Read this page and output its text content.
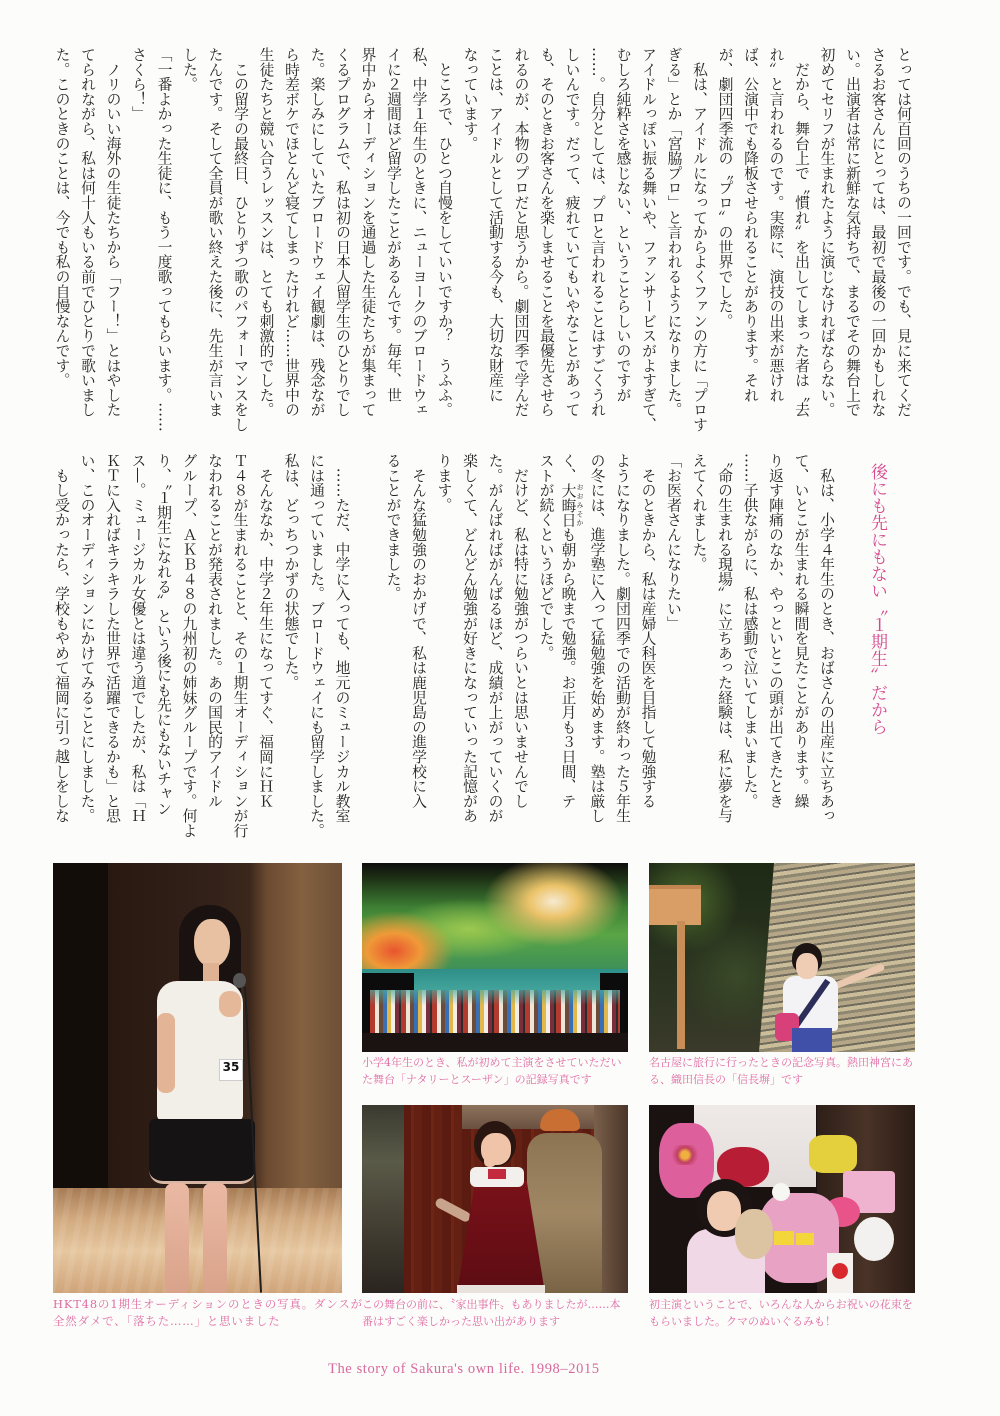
とっては何百回のうちの一回です。でも、見に来てくだ
さるお客さんにとっては、最初で最後の一回かもしれな
い。出演者は常に新鮮な気持ちで、まるでその舞台上で
初めてセリフが生まれたように演じなければならない。
　だから、舞台上で〝慣れ〟を出してしまった者は〝去
れ〟と言われるのです。実際に、演技の出来が悪けれ
ば、公演中でも降板させられることがあります。それ
が、劇団四季流の〝プロ〟の世界でした。
　私は、アイドルになってからよくファンの方に「プロす
ぎる」とか「宮脇プロ」と言われるようになりました。
アイドルっぽい振る舞いや、ファンサービスがよすぎて、
むしろ純粋さを感じない、ということらしいのですが
……。自分としては、プロと言われることはすごくうれ
しいんです。だって、疲れていてもいやなことがあって
も、そのときお客さんを楽しませることを最優先させら
れるのが、本物のプロだと思うから。劇団四季で学んだ
ことは、アイドルとして活動する今も、大切な財産に
なっています。
　ところで、ひとつ自慢をしていいですか？　うふふ。
私、中学１年生のときに、ニューヨークのブロードウェ
イに２週間ほど留学したことがあるんです。毎年、世
界中からオーディションを通過した生徒たちが集まって
くるプログラムで、私は初の日本人留学生のひとりでし
た。楽しみにしていたブロードウェイ観劇は、残念なが
ら時差ボケでほとんど寝てしまったけれど……世界中の
生徒たちと競い合うレッスンは、とても刺激的でした。
　この留学の最終日、ひとりずつ歌のパフォーマンスをし
たんです。そして全員が歌い終えた後に、先生が言いま
した。
「一番よかった生徒に、もう一度歌ってもらいます。……
さくら！」
　ノリのいい海外の生徒たちから「フー！」とはやした
てられながら、私は何十人もいる前でひとりで歌いまし
た。このときのことは、今でも私の自慢なんです。
後にも先にもない〝１期生〟だから
　私は、小学４年生のとき、おばさんの出産に立ちあっ
て、いとこが生まれる瞬間を見たことがあります。繰
り返す陣痛のなか、やっといとこの頭が出てきたとき
……子供ながらに、私は感動で泣いてしまいました。
〝命の生まれる現場〟に立ちあった経験は、私に夢を与
えてくれました。
「お医者さんになりたい」
　そのときから、私は産婦人科医を目指して勉強する
ようになりました。劇団四季での活動が終わった５年生
の冬には、進学塾に入って猛勉強を始めます。塾は厳し
く、大晦日 おおみそかも朝から晩まで勉強。お正月も３日間、テ
ストが続くというほどでした。
　だけど、私は特に勉強がつらいとは思いませんでし
た。がんばればがんばるほど、成績が上がっていくのが
楽しくて、どんどん勉強が好きになっていった記憶があ
ります。
　そんな猛勉強のおかげで、私は鹿児島の進学校に入
ることができました。
　……ただ、中学に入っても、地元のミュージカル教室
には通っていました。ブロードウェイにも留学しました。
私は、どっちつかずの状態でした。
　そんななか、中学２年生になってすぐ、福岡にＨＫ
Ｔ４８が生まれることと、その１期生オーディションが行
なわれることが発表されました。あの国民的アイドル
グループ、ＡＫＢ４８の九州初の姉妹グループです。何よ
り、〝１期生になれる〟という後にも先にもないチャン
ス―。ミュージカル女優とは違う道でしたが、私は「Ｈ
ＫＴに入ればキラキラした世界で活躍できるかも」と思
い、このオーディションにかけてみることにしました。
　もし受かったら、学校もやめて福岡に引っ越しをしな
35
HKT48の1期生オーディションのときの写真。ダンスが
全然ダメで、「落ちた……」と思いました
小学4年生のとき、私が初めて主演をさせていただい
た舞台「ナタリーとスーザン」の記録写真です
名古屋に旅行に行ったときの記念写真。熱田神宮にあ
る、織田信長の「信長塀」です
この舞台の前に、〝家出事件〟もありましたが……本
番はすごく楽しかった思い出があります
初主演ということで、いろんな人からお祝いの花束を
もらいました。クマのぬいぐるみも！
The story of Sakura's own life. 1998–2015
